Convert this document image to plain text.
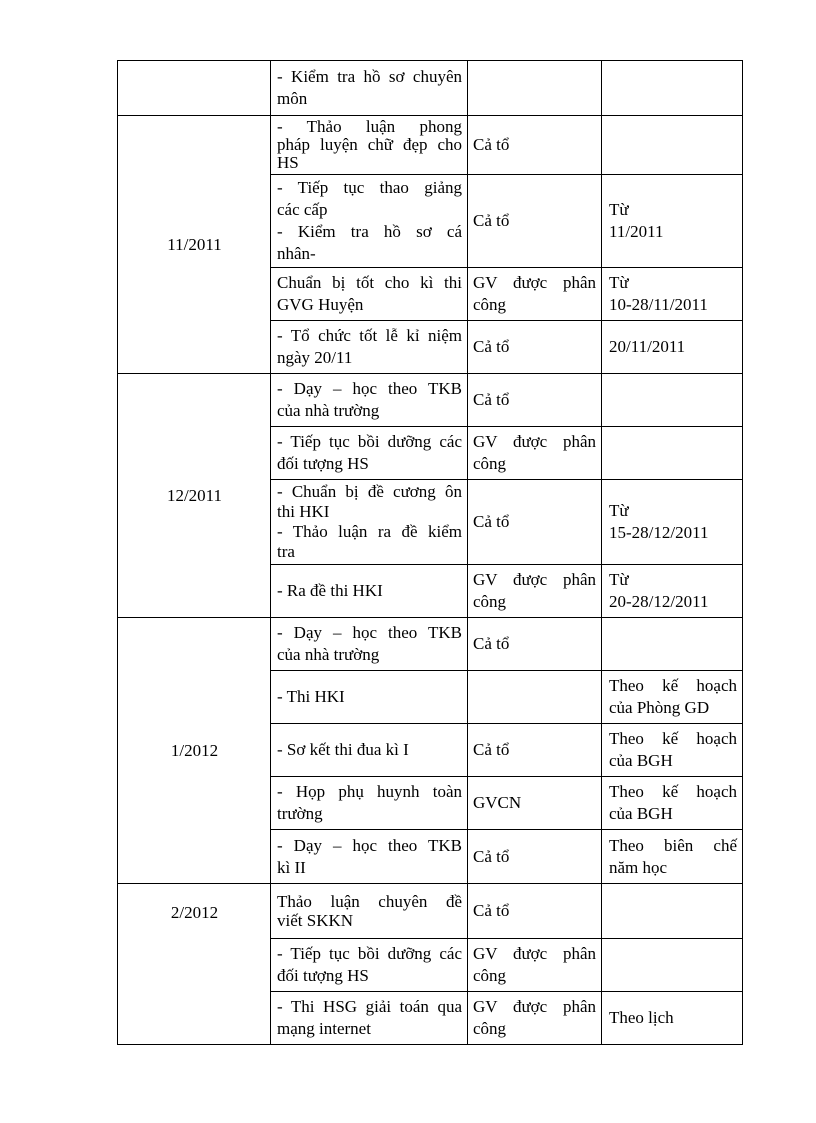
	- Kiểm tra hồ sơ chuyên
môn		

11/2011	- Thảo luận phong
pháp luyện chữ đẹp cho
HS	Cả tổ	

	- Tiếp tục thao giảng
các cấp
- Kiểm tra hồ sơ cá
nhân-	Cả tổ	Từ
11/2011

	Chuẩn bị tốt cho kì thi
GVG Huyện	GV được phân
công	Từ
10-28/11/2011

	- Tổ chức tốt lễ kỉ niệm
ngày 20/11	Cả tổ	20/11/2011

12/2011	- Dạy – học theo TKB
của nhà trường	Cả tổ	

	- Tiếp tục bồi dưỡng các
đối tượng HS	GV được phân
công	

	- Chuẩn bị đề cương ôn
thi HKI
- Thảo luận ra đề kiểm
tra	Cả tổ	Từ
15-28/12/2011

	- Ra đề thi HKI	GV được phân
công	Từ
20-28/12/2011

1/2012	- Dạy – học theo TKB
của nhà trường	Cả tổ	

	- Thi HKI		Theo kế hoạch
của Phòng GD

	- Sơ kết thi đua kì I	Cả tổ	Theo kế hoạch
của BGH

	- Họp phụ huynh toàn
trường	GVCN	Theo kế hoạch
của BGH

	- Dạy – học theo TKB
kì II	Cả tổ	Theo biên chế
năm học

2/2012	Thảo luận chuyên đề
viết SKKN	Cả tổ	

	- Tiếp tục bồi dưỡng các
đối tượng HS	GV được phân
công	

	- Thi HSG giải toán qua
mạng internet	GV được phân
công	Theo lịch
